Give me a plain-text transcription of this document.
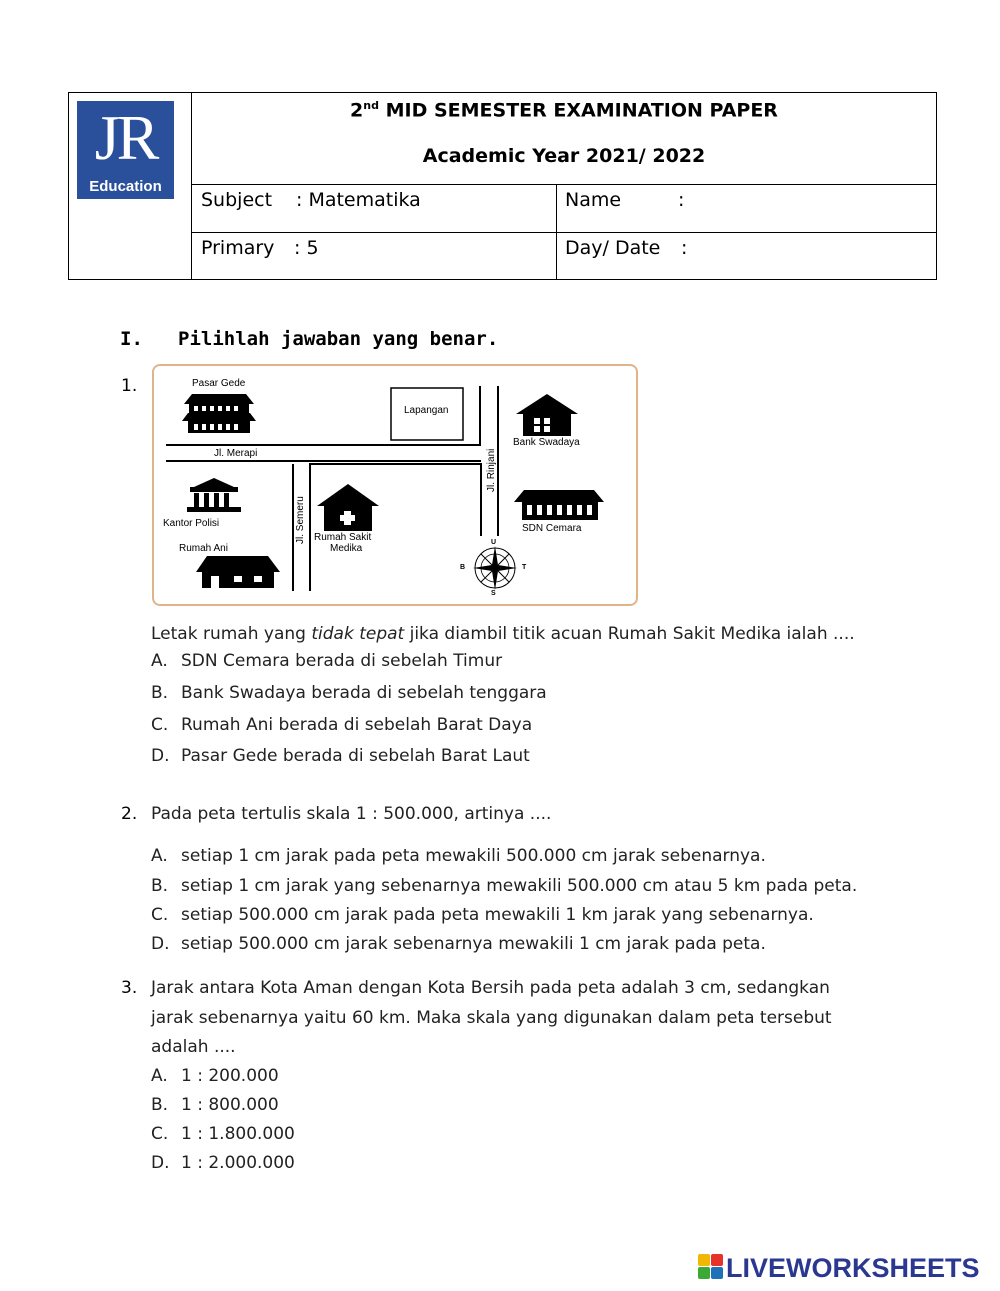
JR
Education
2nd MID SEMESTER EXAMINATION PAPER
Academic Year 2021/ 2022
Subject : Matematika	Name	:
Primary : 5	Day/ Date :
I. Pilihlah jawaban yang benar.
1.	Pasar Gede
Lapangan
Bank Swadaya
Jl. Merapi	Jl. Rinjani
Kantor Polisi	Jl. Semeru Rumah Sakit
Medika
SDN Cemara
Rumah Ani
U
S
B	T
Letak rumah yang tidak tepat jika diambil titik acuan Rumah Sakit Medika ialah ....
A. SDN Cemara berada di sebelah Timur
B. Bank Swadaya berada di sebelah tenggara
C. Rumah Ani berada di sebelah Barat Daya
D. Pasar Gede berada di sebelah Barat Laut
2. Pada peta tertulis skala 1 : 500.000, artinya ....
A. setiap 1 cm jarak pada peta mewakili 500.000 cm jarak sebenarnya.
B. setiap 1 cm jarak yang sebenarnya mewakili 500.000 cm atau 5 km pada peta.
C. setiap 500.000 cm jarak pada peta mewakili 1 km jarak yang sebenarnya.
D. setiap 500.000 cm jarak sebenarnya mewakili 1 cm jarak pada peta.
3. Jarak antara Kota Aman dengan Kota Bersih pada peta adalah 3 cm, sedangkan
jarak sebenarnya yaitu 60 km. Maka skala yang digunakan dalam peta tersebut
adalah ....
A. 1 : 200.000
B. 1 : 800.000
C. 1 : 1.800.000
D. 1 : 2.000.000
LIVEWORKSHEETS
